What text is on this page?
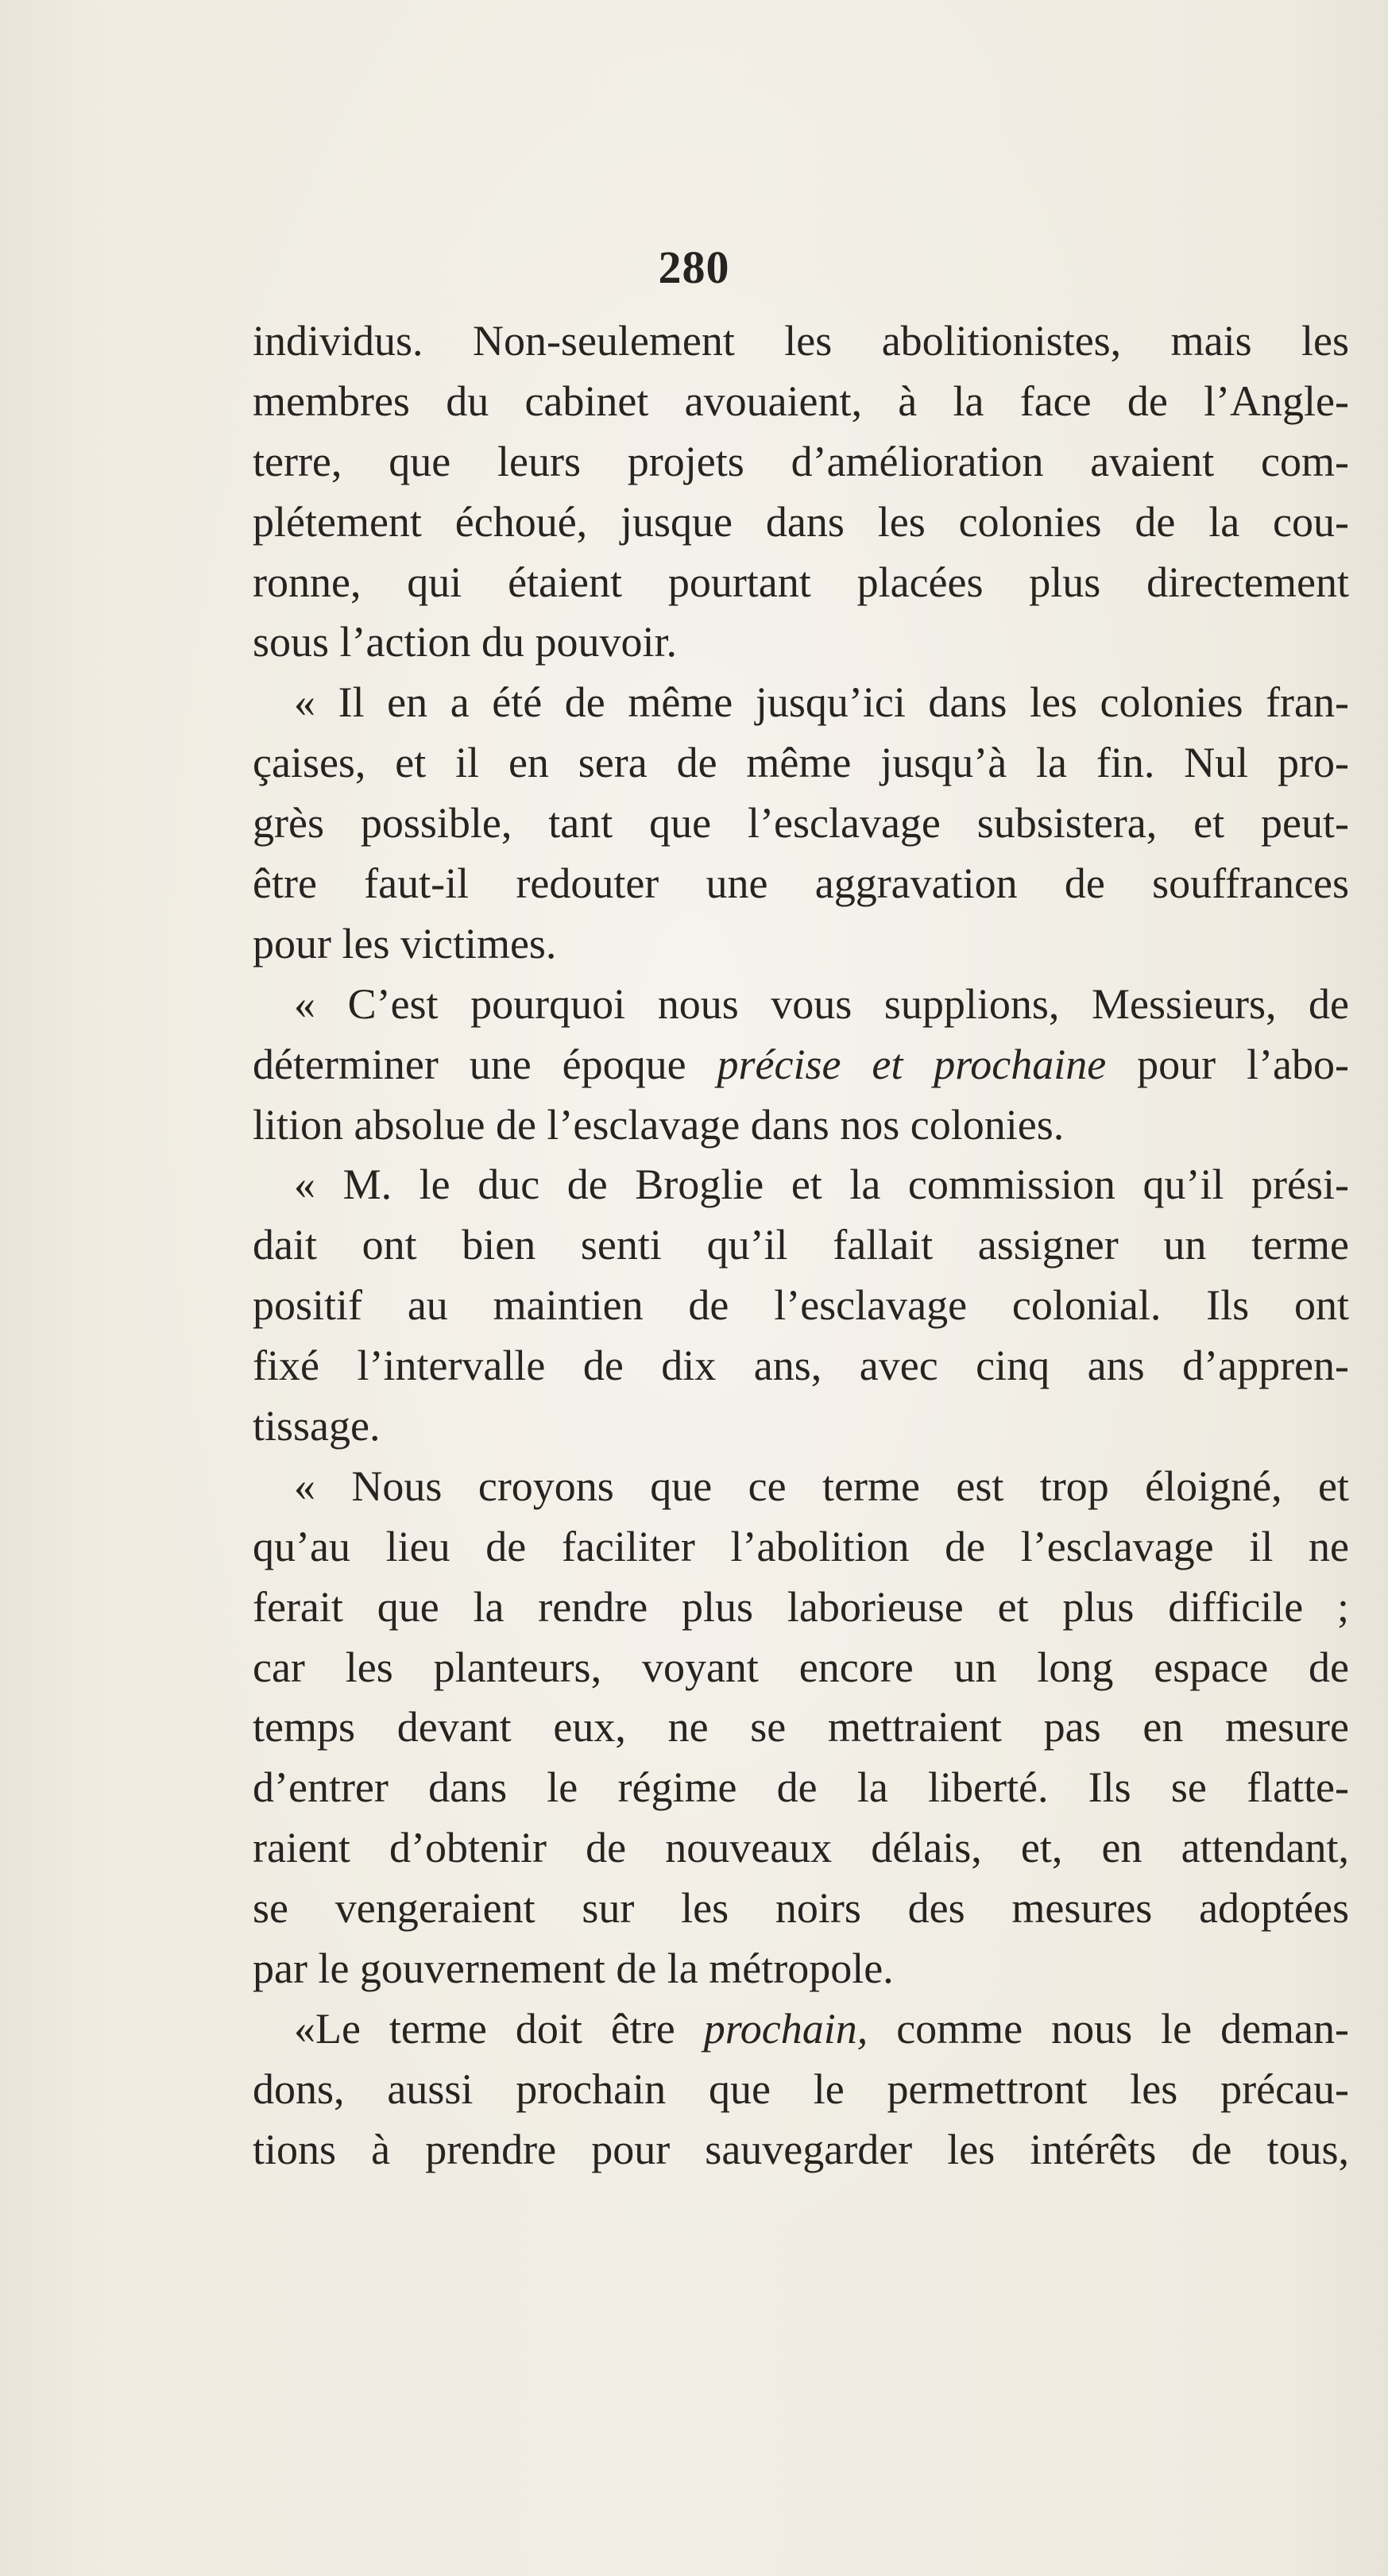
280
individus. Non-seulement les abolitionistes, mais les
membres du cabinet avouaient, à la face de l’Angle-
terre, que leurs projets d’amélioration avaient com-
plétement échoué, jusque dans les colonies de la cou-
ronne, qui étaient pourtant placées plus directement
sous l’action du pouvoir.
« Il en a été de même jusqu’ici dans les colonies fran-
çaises, et il en sera de même jusqu’à la fin. Nul pro-
grès possible, tant que l’esclavage subsistera, et peut-
être faut-il redouter une aggravation de souffrances
pour les victimes.
« C’est pourquoi nous vous supplions, Messieurs, de
déterminer une époque précise et prochaine pour l’abo-
lition absolue de l’esclavage dans nos colonies.
« M. le duc de Broglie et la commission qu’il prési-
dait ont bien senti qu’il fallait assigner un terme
positif au maintien de l’esclavage colonial. Ils ont
fixé l’intervalle de dix ans, avec cinq ans d’appren-
tissage.
« Nous croyons que ce terme est trop éloigné, et
qu’au lieu de faciliter l’abolition de l’esclavage il ne
ferait que la rendre plus laborieuse et plus difficile ;
car les planteurs, voyant encore un long espace de
temps devant eux, ne se mettraient pas en mesure
d’entrer dans le régime de la liberté. Ils se flatte-
raient d’obtenir de nouveaux délais, et, en attendant,
se vengeraient sur les noirs des mesures adoptées
par le gouvernement de la métropole.
«Le terme doit être prochain, comme nous le deman-
dons, aussi prochain que le permettront les précau-
tions à prendre pour sauvegarder les intérêts de tous,
